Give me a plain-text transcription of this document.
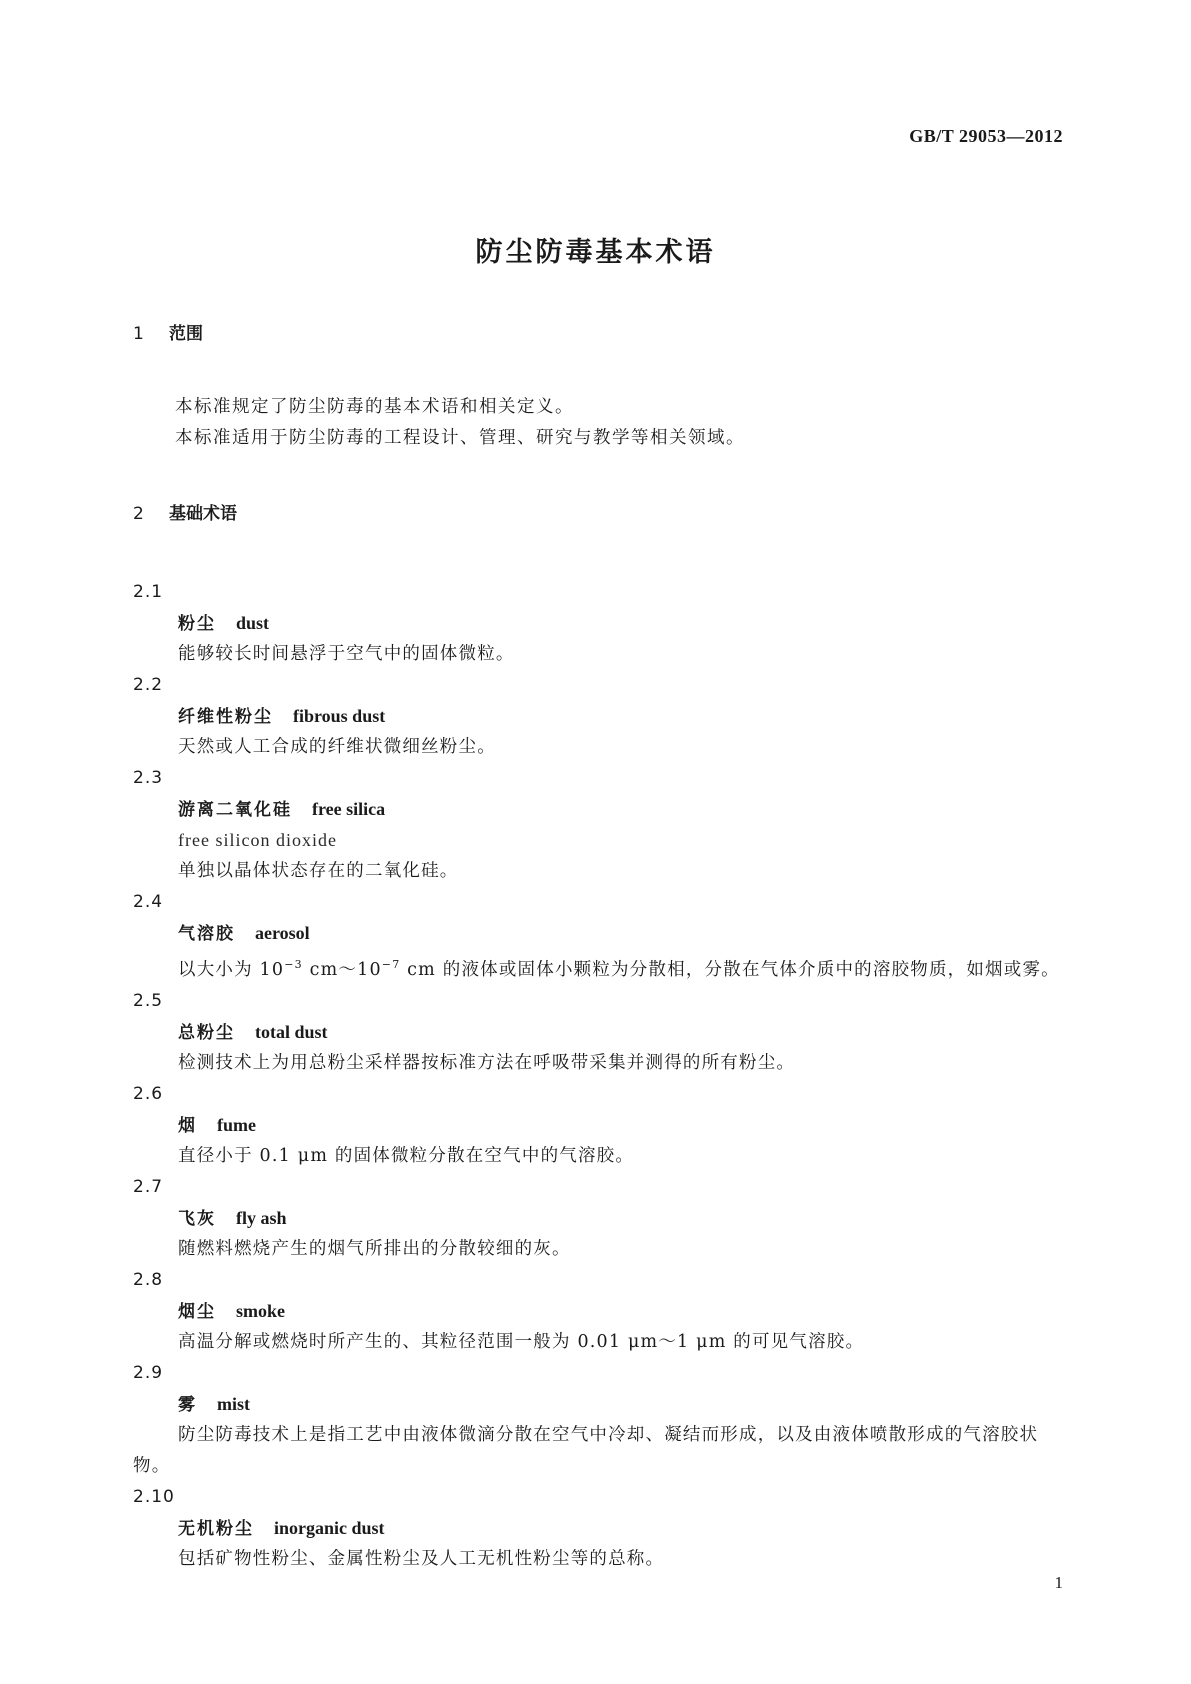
GB/T 29053—2012
防尘防毒基本术语
1 范围
本标准规定了防尘防毒的基本术语和相关定义。
本标准适用于防尘防毒的工程设计、管理、研究与教学等相关领域。
2 基础术语
2.1
粉尘 dust
能够较长时间悬浮于空气中的固体微粒。
2.2
纤维性粉尘 fibrous dust
天然或人工合成的纤维状微细丝粉尘。
2.3
游离二氧化硅 free silica
free silicon dioxide
单独以晶体状态存在的二氧化硅。
2.4
气溶胶 aerosol
以大小为 $10^{-3}$ $cm\sim 10^{-7}$ cm 的液体或固体小颗粒为分散相，分散在气体介质中的溶胶物质，如烟或雾。
2.5
总粉尘 total dust
检测技术上为用总粉尘采样器按标准方法在呼吸带采集并测得的所有粉尘。
2.6
烟 fume
直径小于 0.1 μm 的固体微粒分散在空气中的气溶胶。
2.7
飞灰 fly ash
随燃料燃烧产生的烟气所排出的分散较细的灰。
2.8
烟尘 smoke
高温分解或燃烧时所产生的、其粒径范围一般为 0.01 μm～1 μm 的可见气溶胶。
2.9
雾 mist
防尘防毒技术上是指工艺中由液体微滴分散在空气中冷却、凝结而形成，以及由液体喷散形成的气溶胶状物。
2.10
无机粉尘 inorganic dust
包括矿物性粉尘、金属性粉尘及人工无机性粉尘等的总称。
1
